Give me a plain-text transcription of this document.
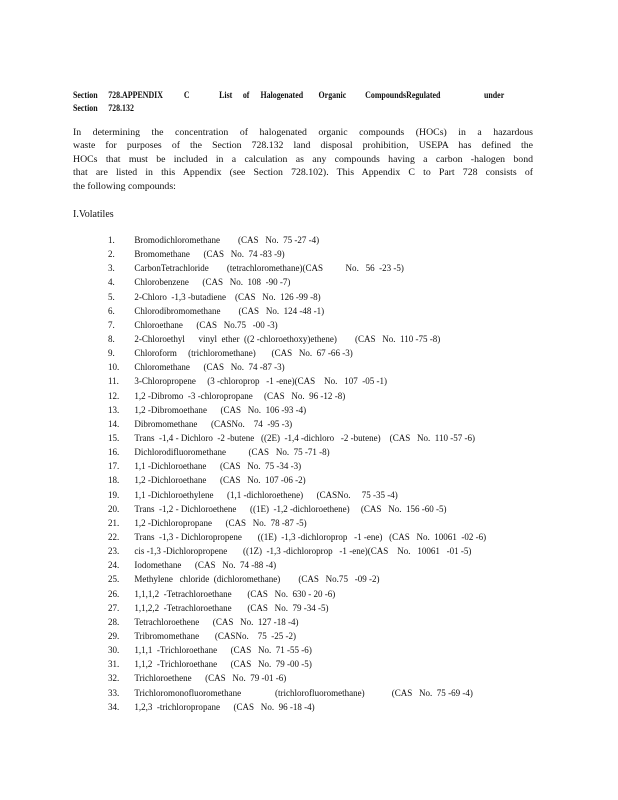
Section 728.APPENDIX C	List of Halogenated Organic CompoundsRegulated	under
Section 728.132
In determining the concentration of halogenated organic compounds (HOCs) in a hazardous
waste for purposes of the Section 728.132 land disposal prohibition, USEPA has defined the
HOCs that must be included in a calculation as any compounds having a carbon -halogen bond
that are listed in this Appendix (see Section 728.102). This Appendix C to Part 728 consists of
the following compounds:
I.Volatiles
1. Bromodichloromethane        (CAS   No.  75 -27 -4)
2. Bromomethane      (CAS   No.  74 -83 -9)
3. CarbonTetrachloride        (tetrachloromethane)(CAS          No.   56  -23 -5)
4. Chlorobenzene      (CAS   No.  108  -90 -7)
5. 2-Chloro  -1,3 -butadiene    (CAS   No.  126 -99 -8)
6. Chlorodibromomethane        (CAS   No.  124 -48 -1)
7. Chloroethane      (CAS   No.75   -00 -3)
8. 2-Chloroethyl      vinyl  ether  ((2 -chloroethoxy)ethene)        (CAS   No.  110 -75 -8)
9. Chloroform     (trichloromethane)       (CAS   No.  67 -66 -3)
10. Chloromethane      (CAS   No.  74 -87 -3)
11. 3-Chloropropene     (3 -chloroprop   -1 -ene)(CAS    No.   107  -05 -1)
12. 1,2 -Dibromo  -3 -chloropropane     (CAS   No.  96 -12 -8)
13. 1,2 -Dibromoethane      (CAS   No.  106 -93 -4)
14. Dibromomethane      (CASNo.    74  -95 -3)
15. Trans  -1,4 - Dichloro  -2 -butene   ((2E)  -1,4 -dichloro   -2 -butene)    (CAS   No.  110 -57 -6)
16. Dichlorodifluoromethane          (CAS   No.  75 -71 -8)
17. 1,1 -Dichloroethane      (CAS   No.  75 -34 -3)
18. 1,2 -Dichloroethane      (CAS   No.  107 -06 -2)
19. 1,1 -Dichloroethylene      (1,1 -dichloroethene)      (CASNo.     75 -35 -4)
20. Trans  -1,2 - Dichloroethene      ((1E)  -1,2 -dichloroethene)     (CAS   No.  156 -60 -5)
21. 1,2 -Dichloropropane      (CAS   No.  78 -87 -5)
22. Trans  -1,3 - Dichloropropene       ((1E)  -1,3 -dichloroprop   -1 -ene)   (CAS   No.  10061  -02 -6)
23. cis -1,3 -Dichloropropene       ((1Z)  -1,3 -dichloroprop   -1 -ene)(CAS    No.   10061   -01 -5)
24. Iodomethane      (CAS   No.  74 -88 -4)
25. Methylene   chloride  (dichloromethane)        (CAS   No.75   -09 -2)
26. 1,1,1,2  -Tetrachloroethane       (CAS   No.  630 - 20 -6)
27. 1,1,2,2  -Tetrachloroethane       (CAS   No.  79 -34 -5)
28. Tetrachloroethene      (CAS   No.  127 -18 -4)
29. Tribromomethane       (CASNo.    75  -25 -2)
30. 1,1,1  -Trichloroethane      (CAS   No.  71 -55 -6)
31. 1,1,2  -Trichloroethane      (CAS   No.  79 -00 -5)
32. Trichloroethene      (CAS   No.  79 -01 -6)
33. Trichloromonofluoromethane               (trichlorofluoromethane)            (CAS   No.  75 -69 -4)
34. 1,2,3  -trichloropropane      (CAS   No.  96 -18 -4)
